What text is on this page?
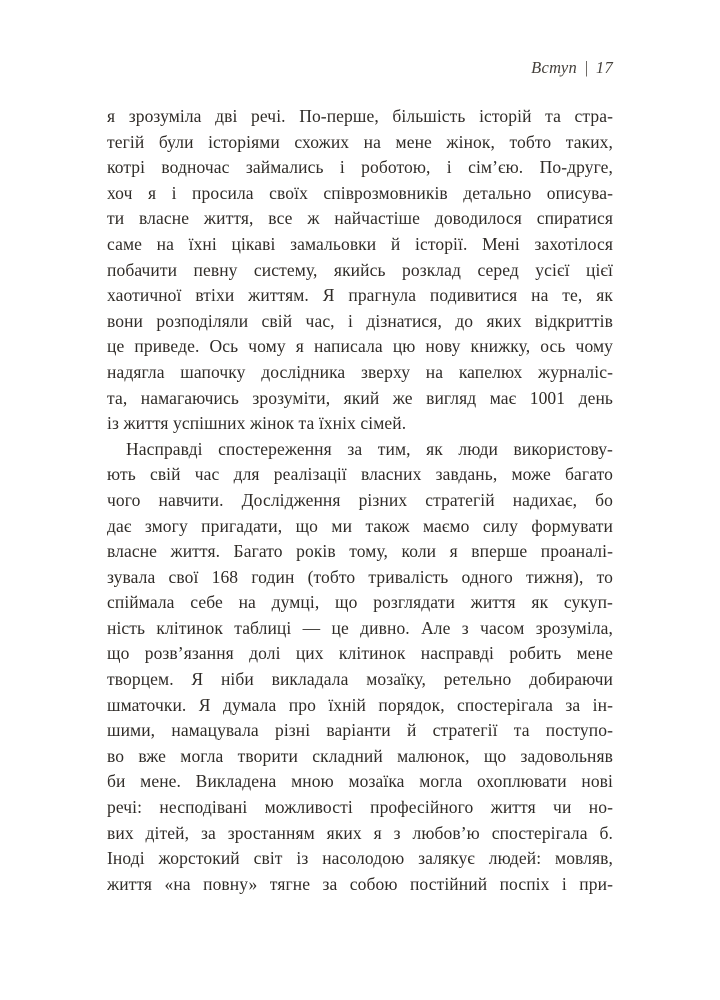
Вступ | 17
я зрозуміла дві речі. По-перше, більшість історій та стра-
тегій були історіями схожих на мене жінок, тобто таких,
котрі водночас займались і роботою, і сім’єю. По-друге,
хоч я і просила своїх співрозмовників детально описува-
ти власне життя, все ж найчастіше доводилося спиратися
саме на їхні цікаві замальовки й історії. Мені захотілося
побачити певну систему, якийсь розклад серед усієї цієї
хаотичної втіхи життям. Я прагнула подивитися на те, як
вони розподіляли свій час, і дізнатися, до яких відкриттів
це приведе. Ось чому я написала цю нову книжку, ось чому
надягла шапочку дослідника зверху на капелюх журналіс-
та, намагаючись зрозуміти, який же вигляд має 1001 день
із життя успішних жінок та їхніх сімей.
Насправді спостереження за тим, як люди використову-
ють свій час для реалізації власних завдань, може багато
чого навчити. Дослідження різних стратегій надихає, бо
дає змогу пригадати, що ми також маємо силу формувати
власне життя. Багато років тому, коли я вперше проаналі-
зувала свої 168 годин (тобто тривалість одного тижня), то
спіймала себе на думці, що розглядати життя як сукуп-
ність клітинок таблиці — це дивно. Але з часом зрозуміла,
що розв’язання долі цих клітинок насправді робить мене
творцем. Я ніби викладала мозаїку, ретельно добираючи
шматочки. Я думала про їхній порядок, спостерігала за ін-
шими, намацувала різні варіанти й стратегії та поступо-
во вже могла творити складний малюнок, що задовольняв
би мене. Викладена мною мозаїка могла охоплювати нові
речі: несподівані можливості професійного життя чи но-
вих дітей, за зростанням яких я з любов’ю спостерігала б.
Іноді жорстокий світ із насолодою залякує людей: мовляв,
життя «на повну» тягне за собою постійний поспіх і при-
